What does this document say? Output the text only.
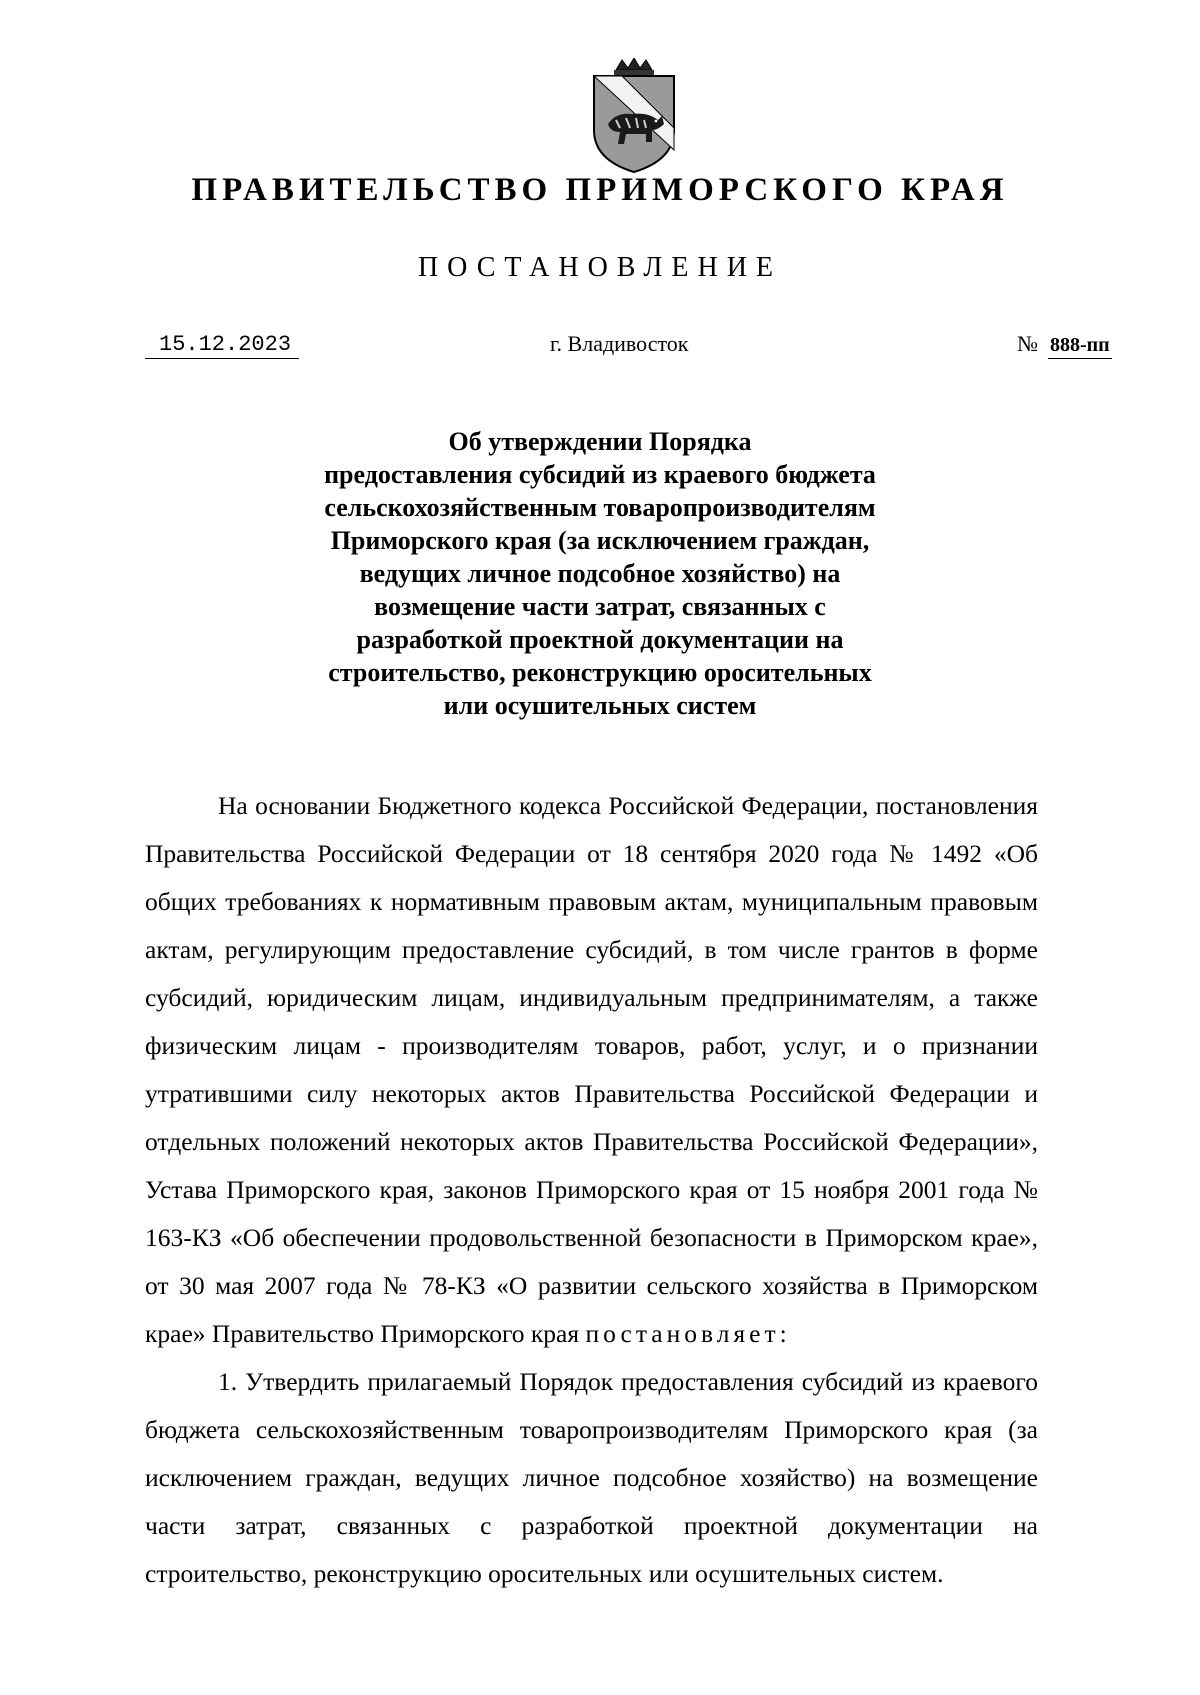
ПРАВИТЕЛЬСТВО ПРИМОРСКОГО КРАЯ
ПОСТАНОВЛЕНИЕ
15.12.2023	г. Владивосток	№ 888-пп
Об утверждении Порядка
предоставления субсидий из краевого бюджета
сельскохозяйственным товаропроизводителям
Приморского края (за исключением граждан,
ведущих личное подсобное хозяйство) на
возмещение части затрат, связанных с
разработкой проектной документации на
строительство, реконструкцию оросительных
или осушительных систем

На основании Бюджетного кодекса Российской Федерации, постановления Правительства Российской Федерации от 18 сентября 2020 года № 1492 «Об общих требованиях к нормативным правовым актам, муниципальным правовым актам, регулирующим предоставление субсидий, в том числе грантов в форме субсидий, юридическим лицам, индивидуальным предпринимателям, а также физическим лицам - производителям товаров, работ, услуг, и о признании утратившими силу некоторых актов Правительства Российской Федерации и отдельных положений некоторых актов Правительства Российской Федерации», Устава Приморского края, законов Приморского края от 15 ноября 2001 года № 163-КЗ «Об обеспечении продовольственной безопасности в Приморском крае», от 30 мая 2007 года № 78-КЗ «О развитии сельского хозяйства в Приморском крае» Правительство Приморского края постановляет:

1. Утвердить прилагаемый Порядок предоставления субсидий из краевого бюджета сельскохозяйственным товаропроизводителям Приморского края (за исключением граждан, ведущих личное подсобное хозяйство) на возмещение части затрат, связанных с разработкой проектной документации на строительство, реконструкцию оросительных или осушительных систем.
